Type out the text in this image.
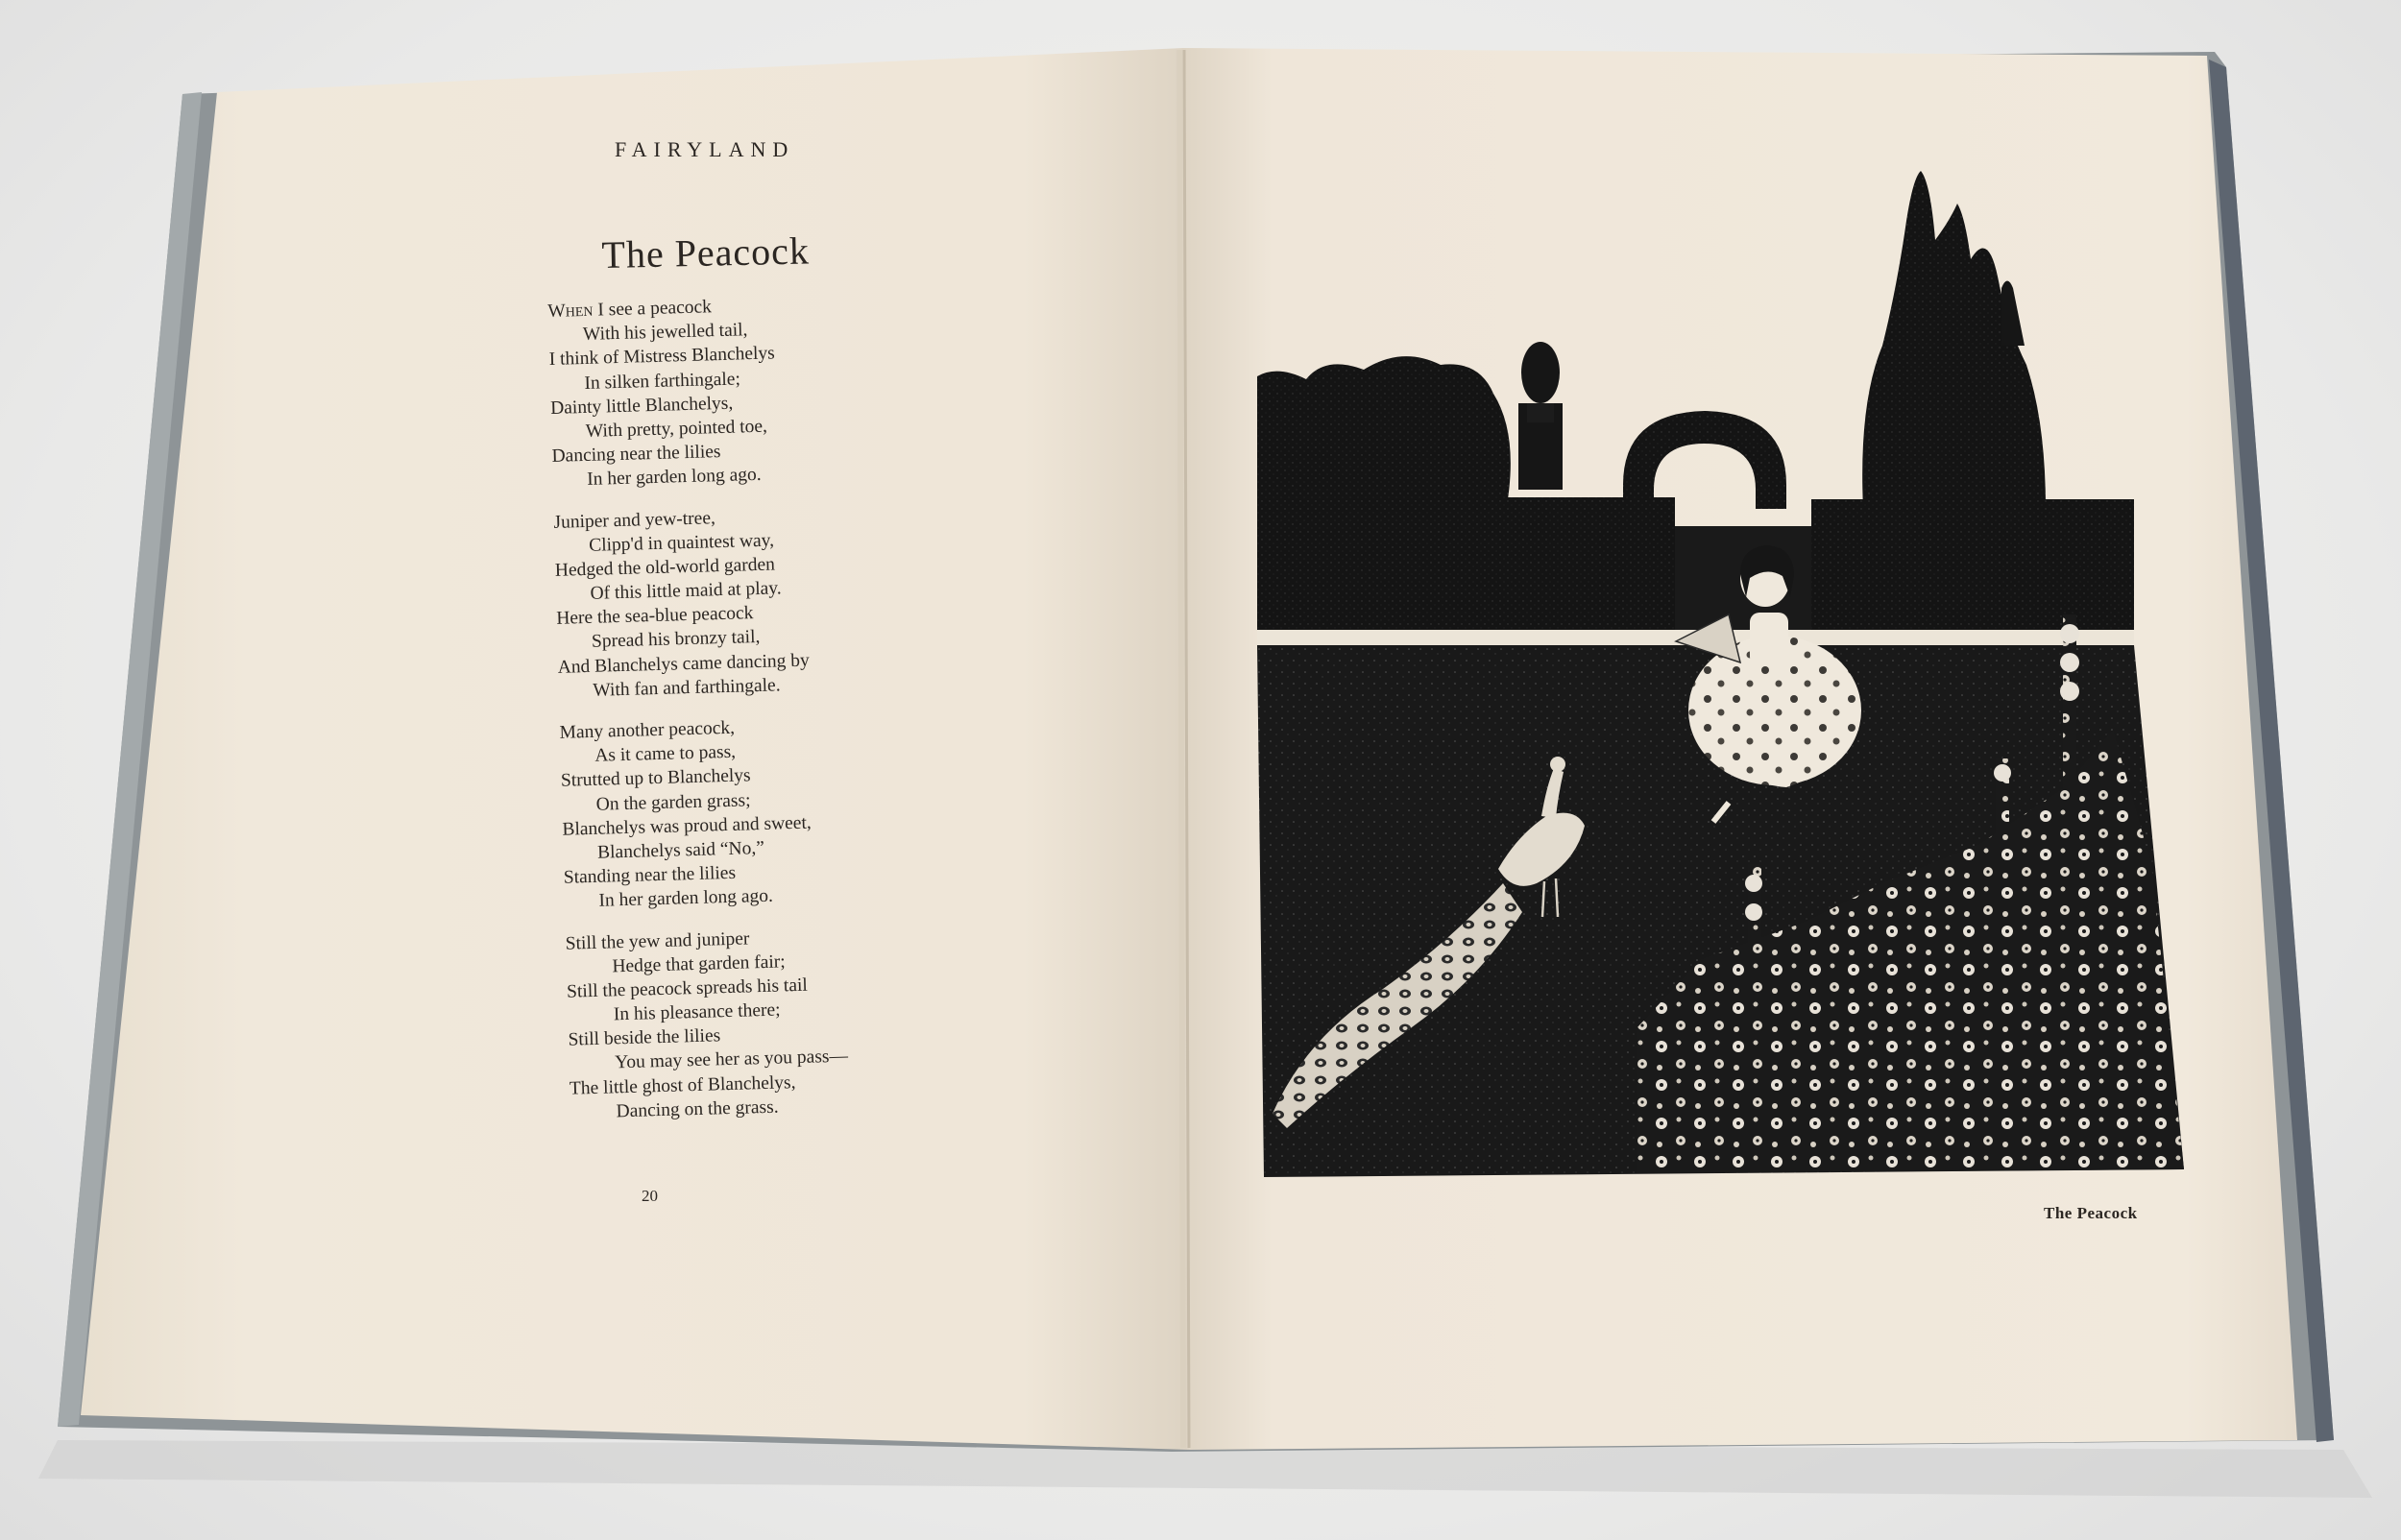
FAIRYLAND
The Peacock
When I see a peacock
With his jewelled tail,
I think of Mistress Blanchelys
In silken farthingale;
Dainty little Blanchelys,
With pretty, pointed toe,
Dancing near the lilies
In her garden long ago.
Juniper and yew-tree,
Clipp'd in quaintest way,
Hedged the old-world garden
Of this little maid at play.
Here the sea-blue peacock
Spread his bronzy tail,
And Blanchelys came dancing by
With fan and farthingale.
Many another peacock,
As it came to pass,
Strutted up to Blanchelys
On the garden grass;
Blanchelys was proud and sweet,
Blanchelys said “No,”
Standing near the lilies
In her garden long ago.
Still the yew and juniper
Hedge that garden fair;
Still the peacock spreads his tail
In his pleasance there;
Still beside the lilies
You may see her as you pass—
The little ghost of Blanchelys,
Dancing on the grass.
20
The Peacock
